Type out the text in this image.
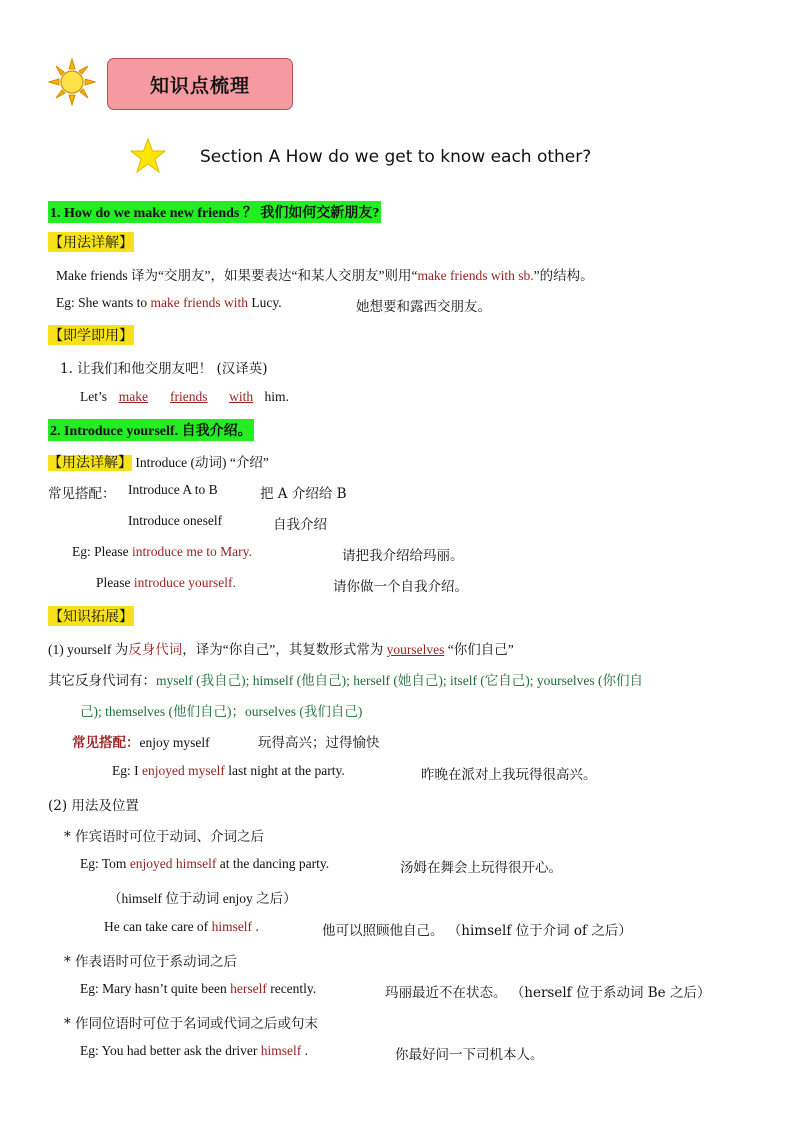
知识点梳理
Section A How do we get to know each other?
1. How do we make new friends ？ 我们如何交新朋友?
【用法详解】
Make friends 译为“交朋友”，如果要表达“和某人交朋友”则用“make friends with sb.”的结构。
Eg: She wants to make friends with Lucy.	她想要和露西交朋友。
【即学即用】
1. 让我们和他交朋友吧！ (汉译英)
Let’s make friends with him.
2. Introduce yourself. 自我介绍。
【用法详解】 Introduce (动词) “介绍”
常见搭配： Introduce A to B	把 A 介绍给 B
Introduce oneself	自我介绍
Eg: Please introduce me to Mary.	请把我介绍给玛丽。
Please introduce yourself.	请你做一个自我介绍。
【知识拓展】
(1) yourself 为反身代词，译为“你自己”，其复数形式常为 yourselves “你们自己”
其它反身代词有：myself (我自己); himself (他自己); herself (她自己); itself (它自己); yourselves (你们自
己); themselves (他们自己)；ourselves (我们自己)
常见搭配：enjoy myself	玩得高兴；过得愉快
Eg: I enjoyed myself last night at the party.	昨晚在派对上我玩得很高兴。
(2) 用法及位置
* 作宾语时可位于动词、介词之后
Eg: Tom enjoyed himself at the dancing party.	汤姆在舞会上玩得很开心。
（himself 位于动词 enjoy 之后）
He can take care of himself .	他可以照顾他自己。 （himself 位于介词 of 之后）
* 作表语时可位于系动词之后
Eg: Mary hasn’t quite been herself recently.	玛丽最近不在状态。 （herself 位于系动词 Be 之后）
* 作同位语时可位于名词或代词之后或句末
Eg: You had better ask the driver himself .	你最好问一下司机本人。
